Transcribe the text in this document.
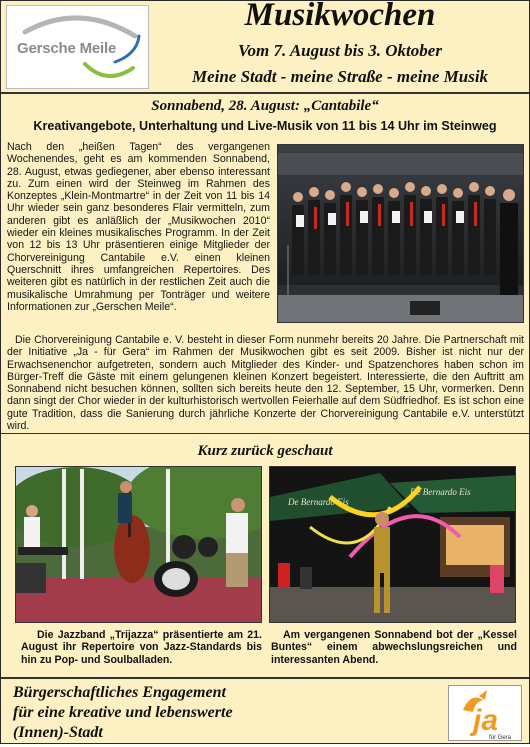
Gersche Meile
Musikwochen
Vom 7. August bis 3. Oktober
Meine Stadt - meine Straße - meine Musik
Sonnabend, 28. August: „Cantabile“
Kreativangebote, Unterhaltung und Live-Musik von 11 bis 14 Uhr im Steinweg
Nach den „heißen Tagen“ des vergangenen Wochenendes, geht es am kommenden Sonnabend, 28. August, etwas gediegener, aber ebenso interessant zu. Zum einen wird der Steinweg im Rahmen des Konzeptes „Klein-Montmartre“ in der Zeit von 11 bis 14 Uhr wieder sein ganz besonderes Flair vermitteln, zum anderen gibt es anläßlich der „Musikwochen 2010“ wieder ein kleines musikalisches Programm. In der Zeit von 12 bis 13 Uhr präsentieren einige Mitglieder der Chorvereinigung Cantabile e.V. einen kleinen Querschnitt ihres umfangreichen Repertoires. Des weiteren gibt es natürlich in der restlichen Zeit auch die musikalische Umrahmung per Tonträger und weitere Informationen zur „Gerschen Meile“.
Die Chorvereinigung Cantabile e. V. besteht in dieser Form nunmehr bereits 20 Jahre. Die Partnerschaft mit der Initiative „Ja - für Gera“ im Rahmen der Musikwochen gibt es seit 2009. Bisher ist nicht nur der Erwachsenenchor aufgetreten, sondern auch Mitglieder des Kinder- und Spatzenchores haben schon im Bürger-Treff die Gäste mit einem gelungenen kleinen Konzert begeistert. Interessierte, die den Auftritt am Sonnabend nicht besuchen können, sollten sich bereits heute den 12. September, 15 Uhr, vormerken. Denn dann singt der Chor wieder in der kulturhistorisch wertvollen Feierhalle auf dem Südfriedhof. Es ist schon eine gute Tradition, dass die Sanierung durch jährliche Konzerte der Chorvereinigung Cantabile e.V. unterstützt wird.
Kurz zurück geschaut
De Bernardo Eis
De Bernardo Eis
Die Jazzband „Trijazza“ präsentierte am 21. August ihr Repertoire von Jazz-Standards bis hin zu Pop- und Soulballaden.
Am vergangenen Sonnabend bot der „Kessel Buntes“ einem abwechslungsreichen und interessanten Abend.
Bürgerschaftliches Engagement
für eine kreative und lebenswerte
(Innen)-Stadt	ja
für Gera
